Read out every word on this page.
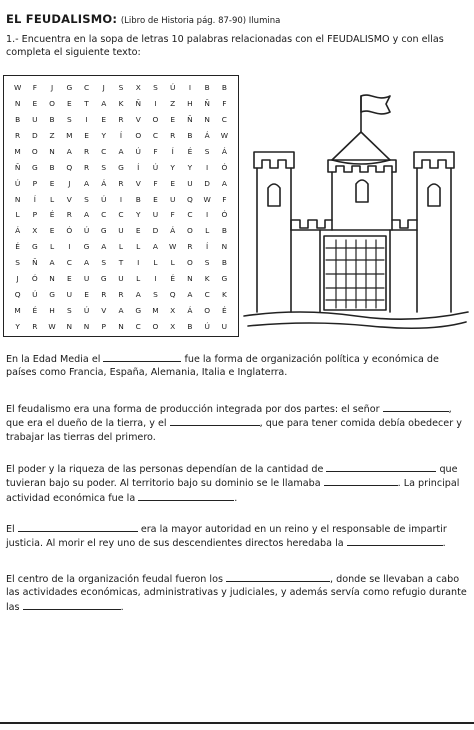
EL FEUDALISMO: (Libro de Historia pág. 87-90) Ilumina
1.- Encuentra en la sopa de letras 10 palabras relacionadas con el FEUDALISMO y con ellas completa el siguiente texto:
W	F	J	G	C	J	S	X	S	Ú	I	B	B
N	E	O	E	T	A	K	Ñ	I	Z	H	Ñ	F
B	U	B	S	I	E	R	V	O	E	Ñ	N	C
R	D	Z	M	E	Y	Í	O	C	R	B	Á	W
M	O	N	A	R	C	A	Ú	F	Í	É	S	Á
Ñ	G	B	Q	R	S	G	Í	Ú	Y	Y	I	Ó
Ú	P	E	J	A	Á	R	V	F	E	U	D	A
N	Í	L	V	S	Ú	I	B	E	U	Q	W	F
L	P	É	R	A	C	C	Y	U	F	C	I	Ó
Á	X	E	Ó	Ú	G	U	E	D	Á	O	L	B
É	G	L	I	G	A	L	L	A	W	R	Í	N
S	Ñ	A	C	A	S	T	I	L	L	O	S	B
J	Ó	N	E	U	G	U	L	I	É	N	K	G
Q	Ú	G	U	E	R	R	A	S	Q	A	C	K
M	É	H	S	Ú	V	A	G	M	X	Á	O	É
Y	R	W	N	N	P	N	C	O	X	B	Ú	U
En la Edad Media el	fue la forma de organización política y económica de países como Francia, España, Alemania, Italia e Inglaterra.
El feudalismo era una forma de producción integrada por dos partes: el señor	, que era el dueño de la tierra, y el	, que para tener comida debía obedecer y trabajar las tierras del primero.
El poder y la riqueza de las personas dependían de la cantidad de	que tuvieran bajo su poder. Al territorio bajo su dominio se le llamaba	. La principal actividad económica fue la	.
El	era la mayor autoridad en un reino y el responsable de impartir justicia. Al morir el rey uno de sus descendientes directos heredaba la	.
El centro de la organización feudal fueron los	, donde se llevaban a cabo las actividades económicas, administrativas y judiciales, y además servía como refugio durante las	.
